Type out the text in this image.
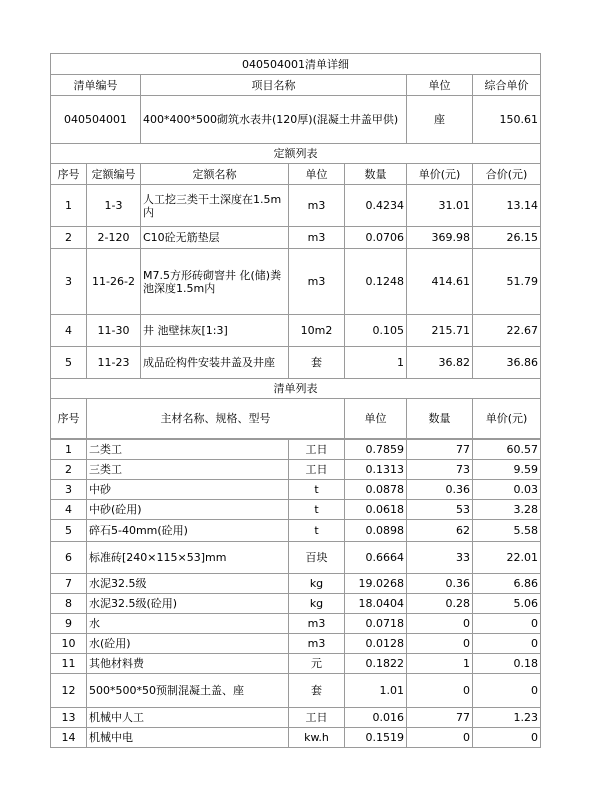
040504001清单详细							
清单编号		项目名称			单位	综合单价	
040504001		400*400*500砌筑水表井(120厚)(混凝土井盖甲供)			座	150.61	
定额列表							
序号	定额编号	定额名称	单位	数量	单价(元)	合价(元)	
1	1-3	人工挖三类干土深度在1.5m内	m3	0.4234	31.01	13.14	
2	2-120	C10砼无筋垫层	m3	0.0706	369.98	26.15	
3	11-26-2	M7.5方形砖砌窨井 化(储)粪池深度1.5m内	m3	0.1248	414.61	51.79	
4	11-30	井 池壁抹灰[1:3]	10m2	0.105	215.71	22.67	
5	11-23	成品砼构件安装井盖及井座	套	1	36.82	36.86	
清单列表							
序号	主材名称、规格、型号			单位	数量	单价(元)	
1	二类工	工日	0.7859	77	60.57
2	三类工	工日	0.1313	73	9.59
3	中砂	t	0.0878	0.36	0.03
4	中砂(砼用)	t	0.0618	53	3.28
5	碎石5-40mm(砼用)	t	0.0898	62	5.58
6	标准砖[240×115×53]mm	百块	0.6664	33	22.01
7	水泥32.5级	kg	19.0268	0.36	6.86
8	水泥32.5级(砼用)	kg	18.0404	0.28	5.06
9	水	m3	0.0718	0	0
10	水(砼用)	m3	0.0128	0	0
11	其他材料费	元	0.1822	1	0.18
12	500*500*50预制混凝土盖、座	套	1.01	0	0
13	机械中人工	工日	0.016	77	1.23
14	机械中电	kw.h	0.1519	0	0
